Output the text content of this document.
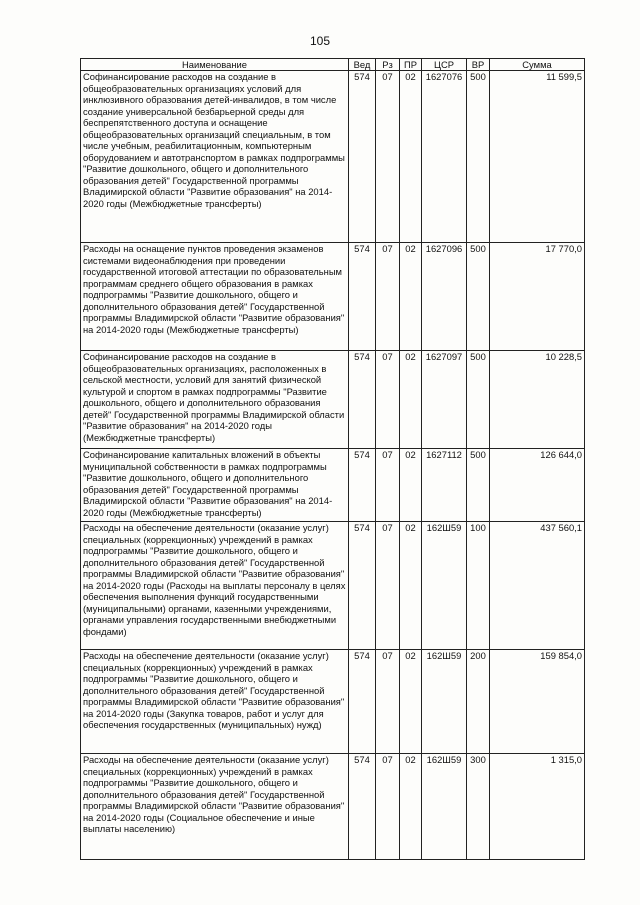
105
Наименование	Вед	Рз	ПР	ЦСР	ВР	Сумма
Софинансирование расходов на создание в общеобразовательных организациях условий для инклюзивного образования детей-инвалидов, в том числе создание универсальной безбарьерной среды для беспрепятственного доступа и оснащение общеобразовательных организаций специальным, в том числе учебным, реабилитационным, компьютерным оборудованием и автотранспортом в рамках подпрограммы "Развитие дошкольного, общего и дополнительного образования детей" Государственной программы Владимирской области "Развитие образования" на 2014-2020 годы (Межбюджетные трансферты)	574	07	02	1627076	500	11 599,5
Расходы на оснащение пунктов проведения экзаменов системами видеонаблюдения при проведении государственной итоговой аттестации по образовательным программам среднего общего образования в рамках подпрограммы "Развитие дошкольного, общего и дополнительного образования детей" Государственной программы Владимирской области "Развитие образования" на 2014-2020 годы (Межбюджетные трансферты)	574	07	02	1627096	500	17 770,0
Софинансирование расходов на создание в общеобразовательных организациях, расположенных в сельской местности, условий для занятий физической культурой и спортом в рамках подпрограммы "Развитие дошкольного, общего и дополнительного образования детей" Государственной программы Владимирской области "Развитие образования" на 2014-2020 годы (Межбюджетные трансферты)	574	07	02	1627097	500	10 228,5
Софинансирование капитальных вложений в объекты муниципальной собственности в рамках подпрограммы "Развитие дошкольного, общего и дополнительного образования детей" Государственной программы Владимирской области "Развитие образования" на 2014-2020 годы (Межбюджетные трансферты)	574	07	02	1627112	500	126 644,0
Расходы на обеспечение деятельности (оказание услуг) специальных (коррекционных) учреждений в рамках подпрограммы "Развитие дошкольного, общего и дополнительного образования детей" Государственной программы Владимирской области "Развитие образования" на 2014-2020 годы (Расходы на выплаты персоналу в целях обеспечения выполнения функций государственными (муниципальными) органами, казенными учреждениями, органами управления государственными внебюджетными фондами)	574	07	02	162Ш59	100	437 560,1
Расходы на обеспечение деятельности (оказание услуг) специальных (коррекционных) учреждений в рамках подпрограммы "Развитие дошкольного, общего и дополнительного образования детей" Государственной программы Владимирской области "Развитие образования" на 2014-2020 годы (Закупка товаров, работ и услуг для обеспечения государственных (муниципальных) нужд)	574	07	02	162Ш59	200	159 854,0
Расходы на обеспечение деятельности (оказание услуг) специальных (коррекционных) учреждений в рамках подпрограммы "Развитие дошкольного, общего и дополнительного образования детей" Государственной программы Владимирской области "Развитие образования" на 2014-2020 годы (Социальное обеспечение и иные выплаты населению)	574	07	02	162Ш59	300	1 315,0
